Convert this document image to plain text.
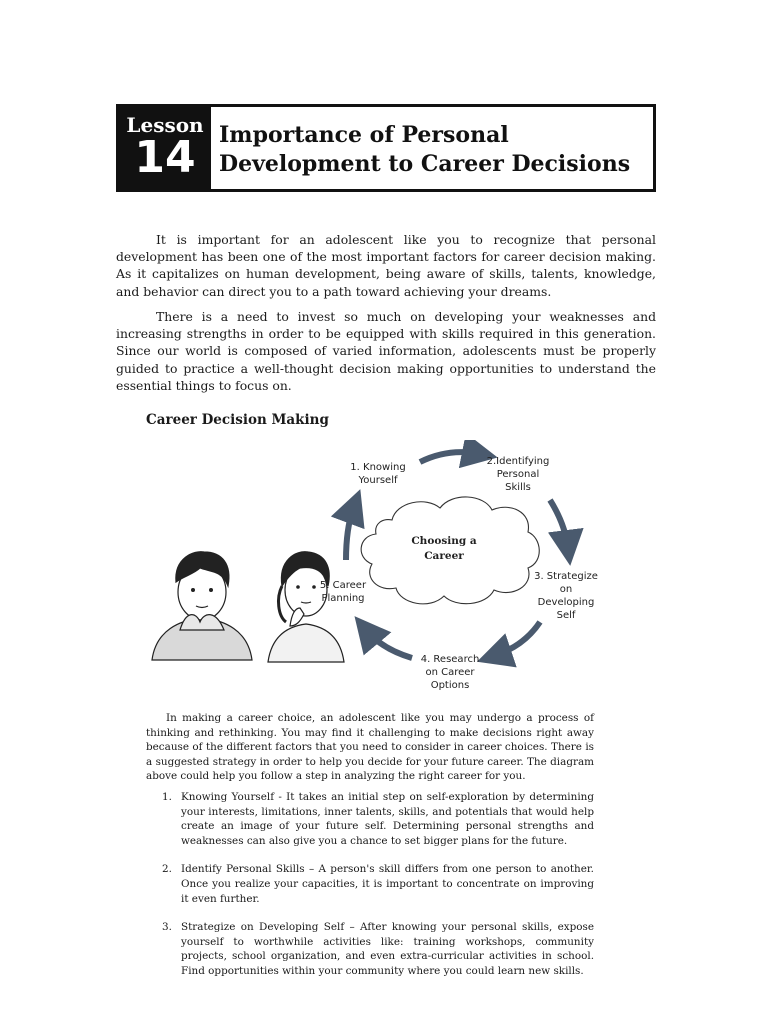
Lesson
14 Importance of Personal
Development to Career Decisions

It is important for an adolescent like you to recognize that personal development has been one of the most important factors for career decision making. As it capitalizes on human development, being aware of skills, talents, knowledge, and behavior can direct you to a path toward achieving your dreams.

There is a need to invest so much on developing your weaknesses and increasing strengths in order to be equipped with skills required in this generation. Since our world is composed of varied information, adolescents must be properly guided to practice a well-thought decision making opportunities to understand the essential things to focus on.

Career Decision Making
Choosing a
Career
1. Knowing
Yourself
2.Identifying
Personal
Skills
3. Strategize
on
Developing
Self
4. Research
on Career
Options
5. Career
Planning

In making a career choice, an adolescent like you may undergo a process of thinking and rethinking. You may find it challenging to make decisions right away because of the different factors that you need to consider in career choices. There is a suggested strategy in order to help you decide for your future career. The diagram above could help you follow a step in analyzing the right career for you.

1. Knowing Yourself - It takes an initial step on self-exploration by determining your interests, limitations, inner talents, skills, and potentials that would help create an image of your future self. Determining personal strengths and weaknesses can also give you a chance to set bigger plans for the future.
2. Identify Personal Skills – A person's skill differs from one person to another. Once you realize your capacities, it is important to concentrate on improving it even further.
3. Strategize on Developing Self – After knowing your personal skills, expose yourself to worthwhile activities like: training workshops, community projects, school organization, and even extra-curricular activities in school. Find opportunities within your community where you could learn new skills.
